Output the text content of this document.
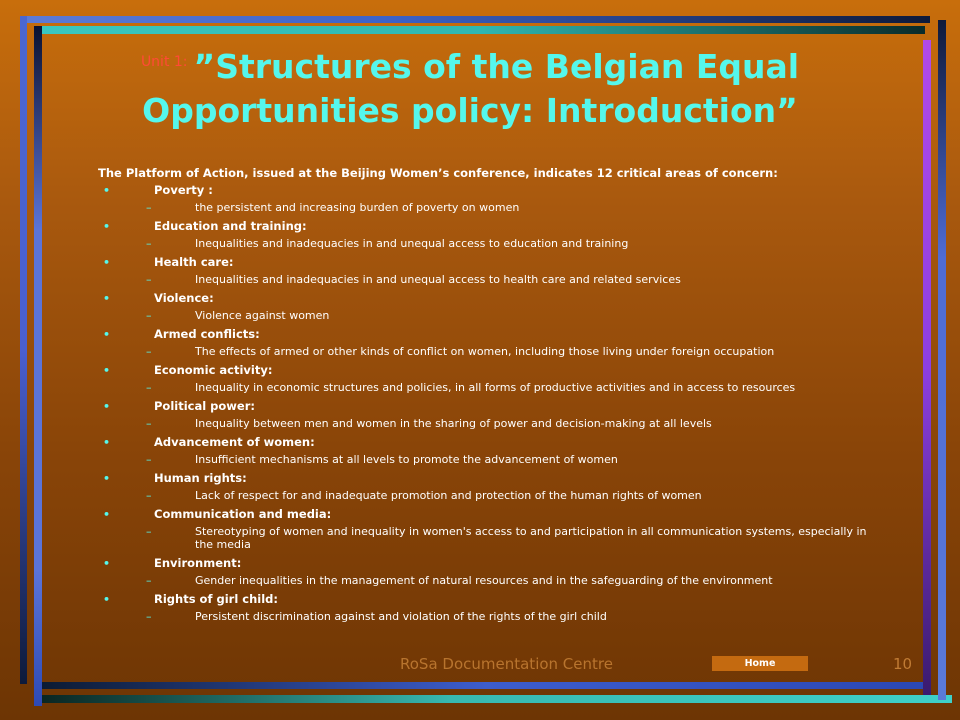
$^{Unit 1:}$ ”Structures of the Belgian Equal Opportunities policy: Introduction”
The Platform of Action, issued at the Beijing Women’s conference, indicates 12 critical areas of concern:
•	Poverty :
–	the persistent and increasing burden of poverty on women
•	Education and training:
–	Inequalities and inadequacies in and unequal access to education and training
•	Health care:
–	Inequalities and inadequacies in and unequal access to health care and related services
•	Violence:
–	Violence against women
•	Armed conflicts:
–	The effects of armed or other kinds of conflict on women, including those living under foreign occupation
•	Economic activity:
–	Inequality in economic structures and policies, in all forms of productive activities and in access to resources
•	Political power:
–	Inequality between men and women in the sharing of power and decision-making at all levels
•	Advancement of women:
–	Insufficient mechanisms at all levels to promote the advancement of women
•	Human rights:
–	Lack of respect for and inadequate promotion and protection of the human rights of women
•	Communication and media:
–	Stereotyping of women and inequality in women's access to and participation in all communication systems, especially in the media
•	Environment:
–	Gender inequalities in the management of natural resources and in the safeguarding of the environment
•	Rights of girl child:
–	Persistent discrimination against and violation of the rights of the girl child
RoSa Documentation Centre	Home	10
